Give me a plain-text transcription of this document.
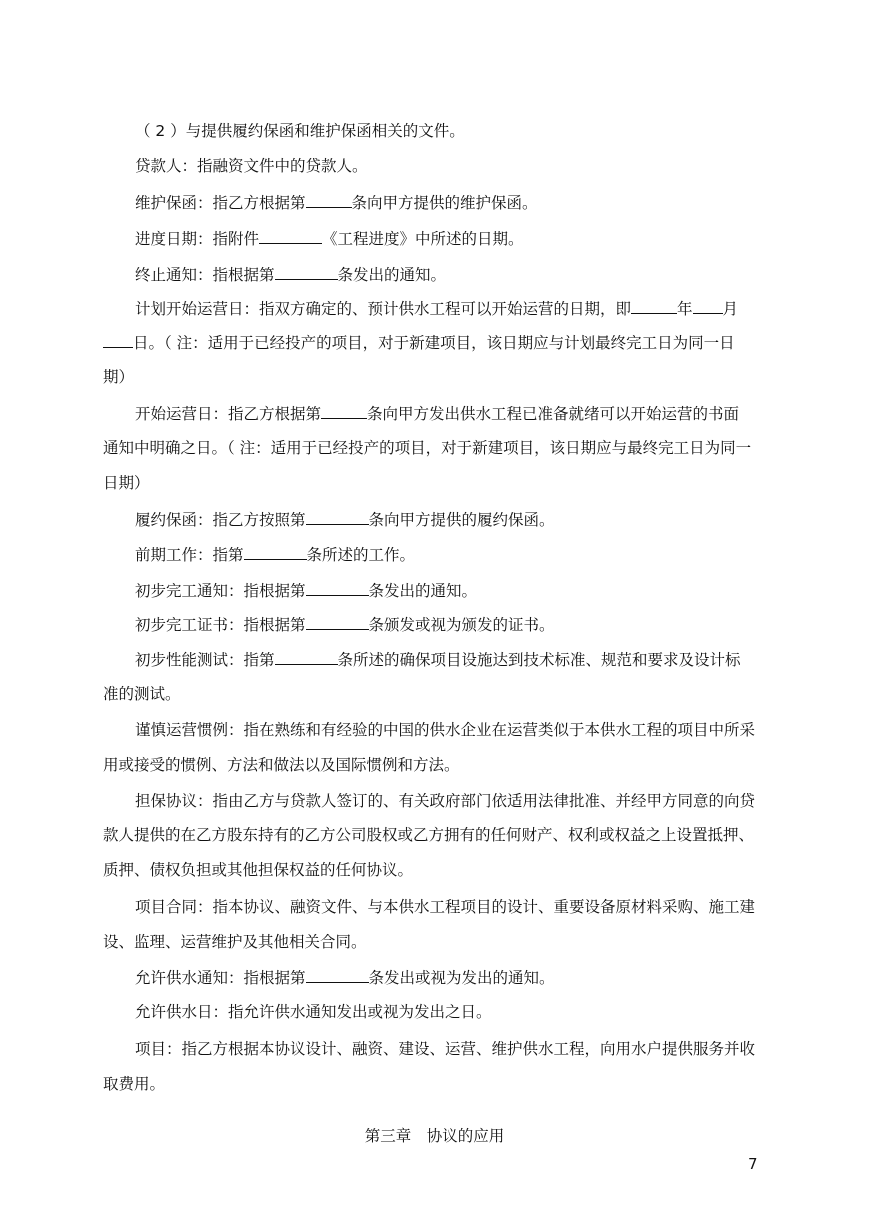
（ 2 ）与提供履约保函和维护保函相关的文件。
贷款人：指融资文件中的贷款人。
维护保函：指乙方根据第	条向甲方提供的维护保函。
进度日期：指附件	《工程进度》中所述的日期。
终止通知：指根据第	条发出的通知。
计划开始运营日：指双方确定的、预计供水工程可以开始运营的日期，即	年 月
日。（ 注：适用于已经投产的项目，对于新建项目，该日期应与计划最终完工日为同一日
期）
开始运营日：指乙方根据第	条向甲方发出供水工程已准备就绪可以开始运营的书面
通知中明确之日。（ 注：适用于已经投产的项目，对于新建项目，该日期应与最终完工日为同一
日期）
履约保函：指乙方按照第	条向甲方提供的履约保函。
前期工作：指第	条所述的工作。
初步完工通知：指根据第	条发出的通知。
初步完工证书：指根据第	条颁发或视为颁发的证书。
初步性能测试：指第	条所述的确保项目设施达到技术标准、规范和要求及设计标
准的测试。
谨慎运营惯例：指在熟练和有经验的中国的供水企业在运营类似于本供水工程的项目中所采
用或接受的惯例、方法和做法以及国际惯例和方法。
担保协议：指由乙方与贷款人签订的、有关政府部门依适用法律批准、并经甲方同意的向贷
款人提供的在乙方股东持有的乙方公司股权或乙方拥有的任何财产、权利或权益之上设置抵押、
质押、债权负担或其他担保权益的任何协议。
项目合同：指本协议、融资文件、与本供水工程项目的设计、重要设备原材料采购、施工建
设、监理、运营维护及其他相关合同。
允许供水通知：指根据第	条发出或视为发出的通知。
允许供水日：指允许供水通知发出或视为发出之日。
项目：指乙方根据本协议设计、融资、建设、运营、维护供水工程，向用水户提供服务并收
取费用。
第三章　协议的应用
7
